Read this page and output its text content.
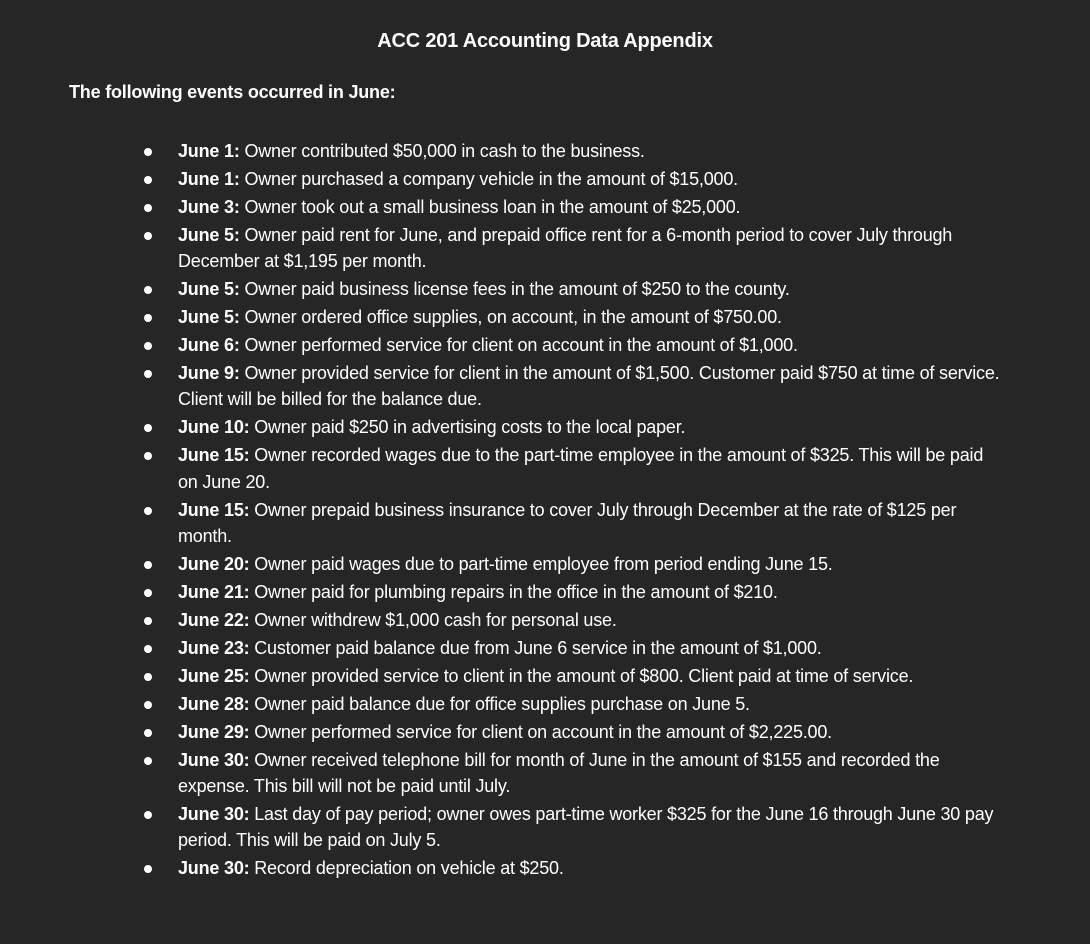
ACC 201 Accounting Data Appendix
The following events occurred in June:
June 1: Owner contributed $50,000 in cash to the business.
June 1: Owner purchased a company vehicle in the amount of $15,000.
June 3: Owner took out a small business loan in the amount of $25,000.
June 5: Owner paid rent for June, and prepaid office rent for a 6-month period to cover July through December at $1,195 per month.
June 5: Owner paid business license fees in the amount of $250 to the county.
June 5: Owner ordered office supplies, on account, in the amount of $750.00.
June 6: Owner performed service for client on account in the amount of $1,000.
June 9: Owner provided service for client in the amount of $1,500. Customer paid $750 at time of service. Client will be billed for the balance due.
June 10: Owner paid $250 in advertising costs to the local paper.
June 15: Owner recorded wages due to the part-time employee in the amount of $325. This will be paid on June 20.
June 15: Owner prepaid business insurance to cover July through December at the rate of $125 per month.
June 20: Owner paid wages due to part-time employee from period ending June 15.
June 21: Owner paid for plumbing repairs in the office in the amount of $210.
June 22: Owner withdrew $1,000 cash for personal use.
June 23: Customer paid balance due from June 6 service in the amount of $1,000.
June 25: Owner provided service to client in the amount of $800. Client paid at time of service.
June 28: Owner paid balance due for office supplies purchase on June 5.
June 29: Owner performed service for client on account in the amount of $2,225.00.
June 30: Owner received telephone bill for month of June in the amount of $155 and recorded the expense. This bill will not be paid until July.
June 30: Last day of pay period; owner owes part-time worker $325 for the June 16 through June 30 pay period. This will be paid on July 5.
June 30: Record depreciation on vehicle at $250.
